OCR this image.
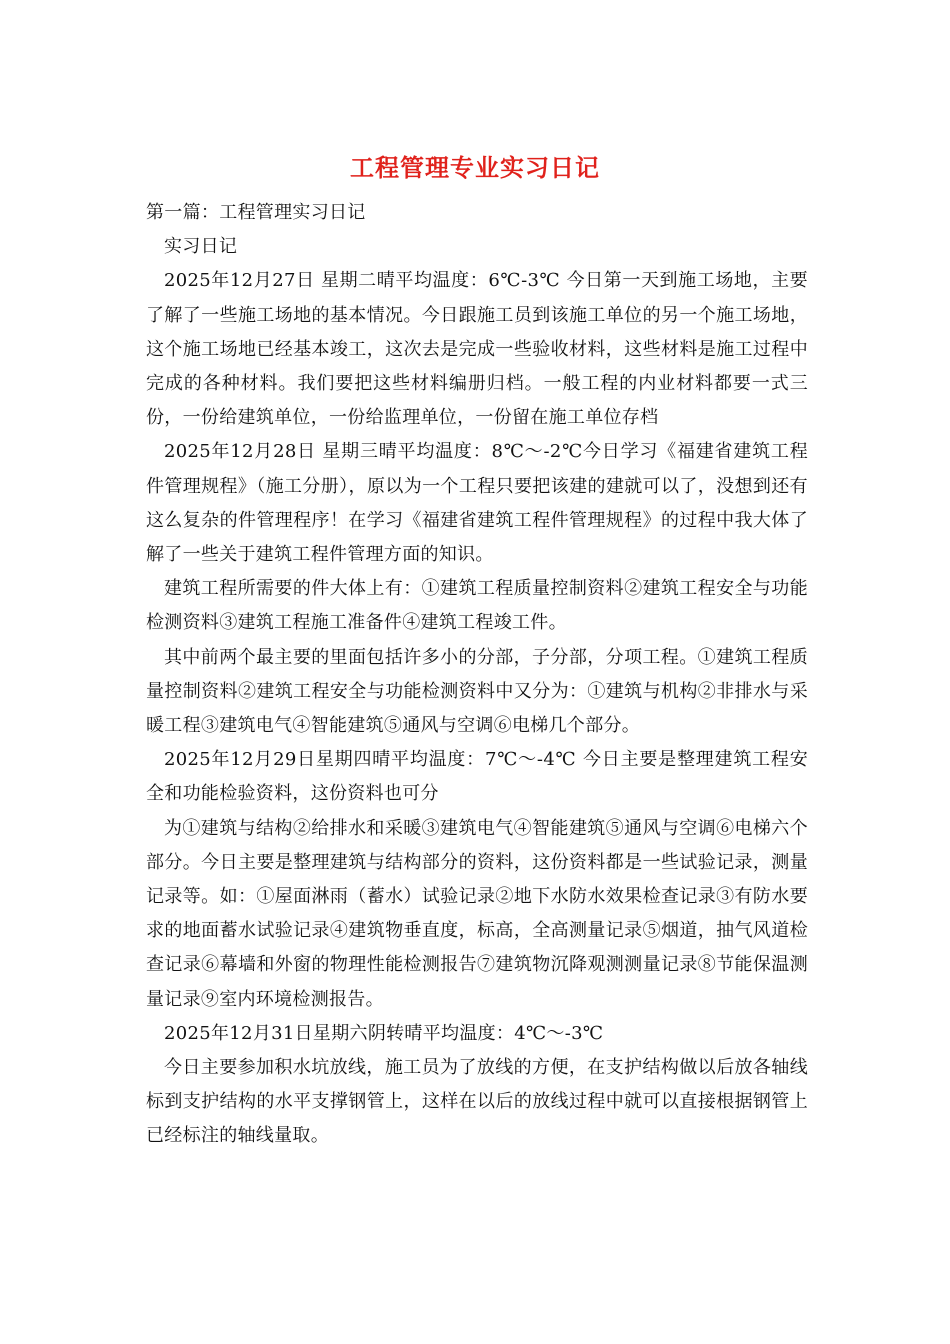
工程管理专业实习日记

第一篇：工程管理实习日记

实习日记

2025年12月27日 星期二晴平均温度：6℃-3℃ 今日第一天到施工场地，主要了解了一些施工场地的基本情况。今日跟施工员到该施工单位的另一个施工场地，这个施工场地已经基本竣工，这次去是完成一些验收材料，这些材料是施工过程中完成的各种材料。我们要把这些材料编册归档。一般工程的内业材料都要一式三份，一份给建筑单位，一份给监理单位，一份留在施工单位存档

2025年12月28日 星期三晴平均温度：8℃～-2℃今日学习《福建省建筑工程件管理规程》（施工分册），原以为一个工程只要把该建的建就可以了，没想到还有这么复杂的件管理程序！在学习《福建省建筑工程件管理规程》的过程中我大体了解了一些关于建筑工程件管理方面的知识。

建筑工程所需要的件大体上有：①建筑工程质量控制资料②建筑工程安全与功能检测资料③建筑工程施工准备件④建筑工程竣工件。

其中前两个最主要的里面包括许多小的分部，子分部，分项工程。①建筑工程质量控制资料②建筑工程安全与功能检测资料中又分为：①建筑与机构②非排水与采暖工程③建筑电气④智能建筑⑤通风与空调⑥电梯几个部分。

2025年12月29日星期四晴平均温度：7℃～-4℃ 今日主要是整理建筑工程安全和功能检验资料，这份资料也可分

为①建筑与结构②给排水和采暖③建筑电气④智能建筑⑤通风与空调⑥电梯六个部分。今日主要是整理建筑与结构部分的资料，这份资料都是一些试验记录，测量记录等。如：①屋面淋雨（蓄水）试验记录②地下水防水效果检查记录③有防水要求的地面蓄水试验记录④建筑物垂直度，标高，全高测量记录⑤烟道，抽气风道检查记录⑥幕墙和外窗的物理性能检测报告⑦建筑物沉降观测测量记录⑧节能保温测量记录⑨室内环境检测报告。

2025年12月31日星期六阴转晴平均温度：4℃～-3℃

今日主要参加积水坑放线，施工员为了放线的方便，在支护结构做以后放各轴线标到支护结构的水平支撑钢管上，这样在以后的放线过程中就可以直接根据钢管上已经标注的轴线量取。
